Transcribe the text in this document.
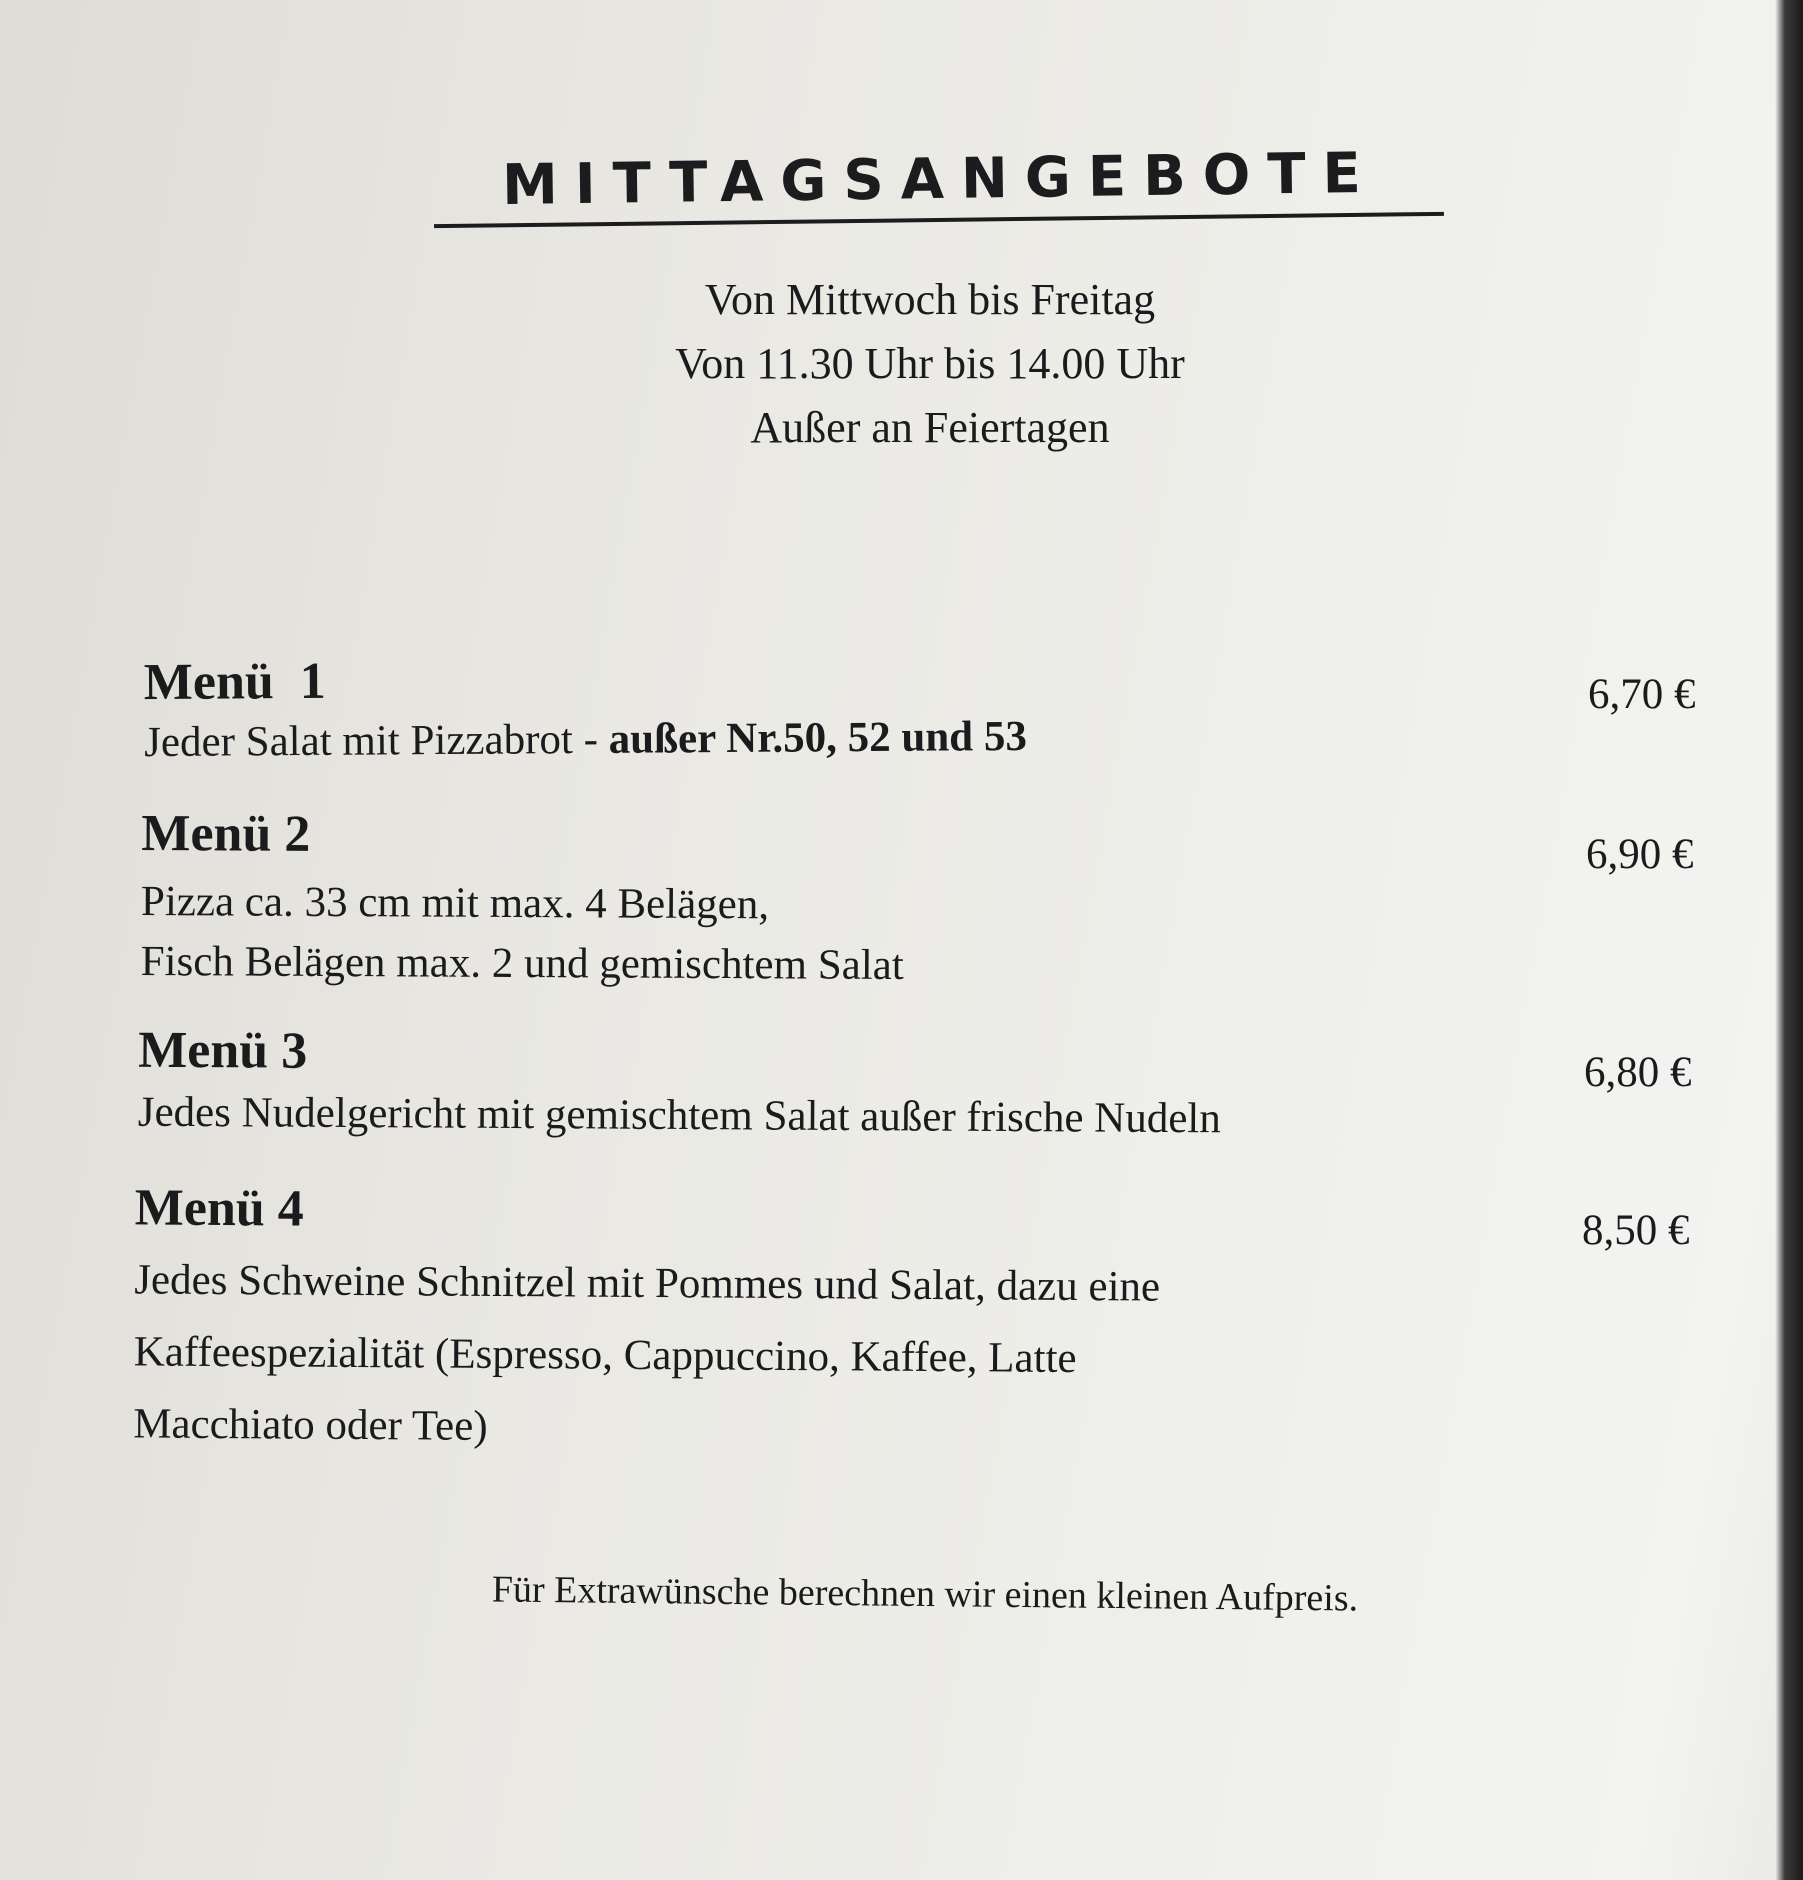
MITTAGSANGEBOTE
Von Mittwoch bis Freitag
Von 11.30 Uhr bis 14.00 Uhr
Außer an Feiertagen
Menü  1
Jeder Salat mit Pizzabrot - außer Nr.50, 52 und 53
6,70 €
Menü 2
Pizza ca. 33 cm mit max. 4 Belägen,
Fisch Belägen max. 2 und gemischtem Salat
6,90 €
Menü 3
Jedes Nudelgericht mit gemischtem Salat außer frische Nudeln
6,80 €
Menü 4
Jedes Schweine Schnitzel mit Pommes und Salat, dazu eine
Kaffeespezialität (Espresso, Cappuccino, Kaffee, Latte
Macchiato oder Tee)
8,50 €
Für Extrawünsche berechnen wir einen kleinen Aufpreis.
